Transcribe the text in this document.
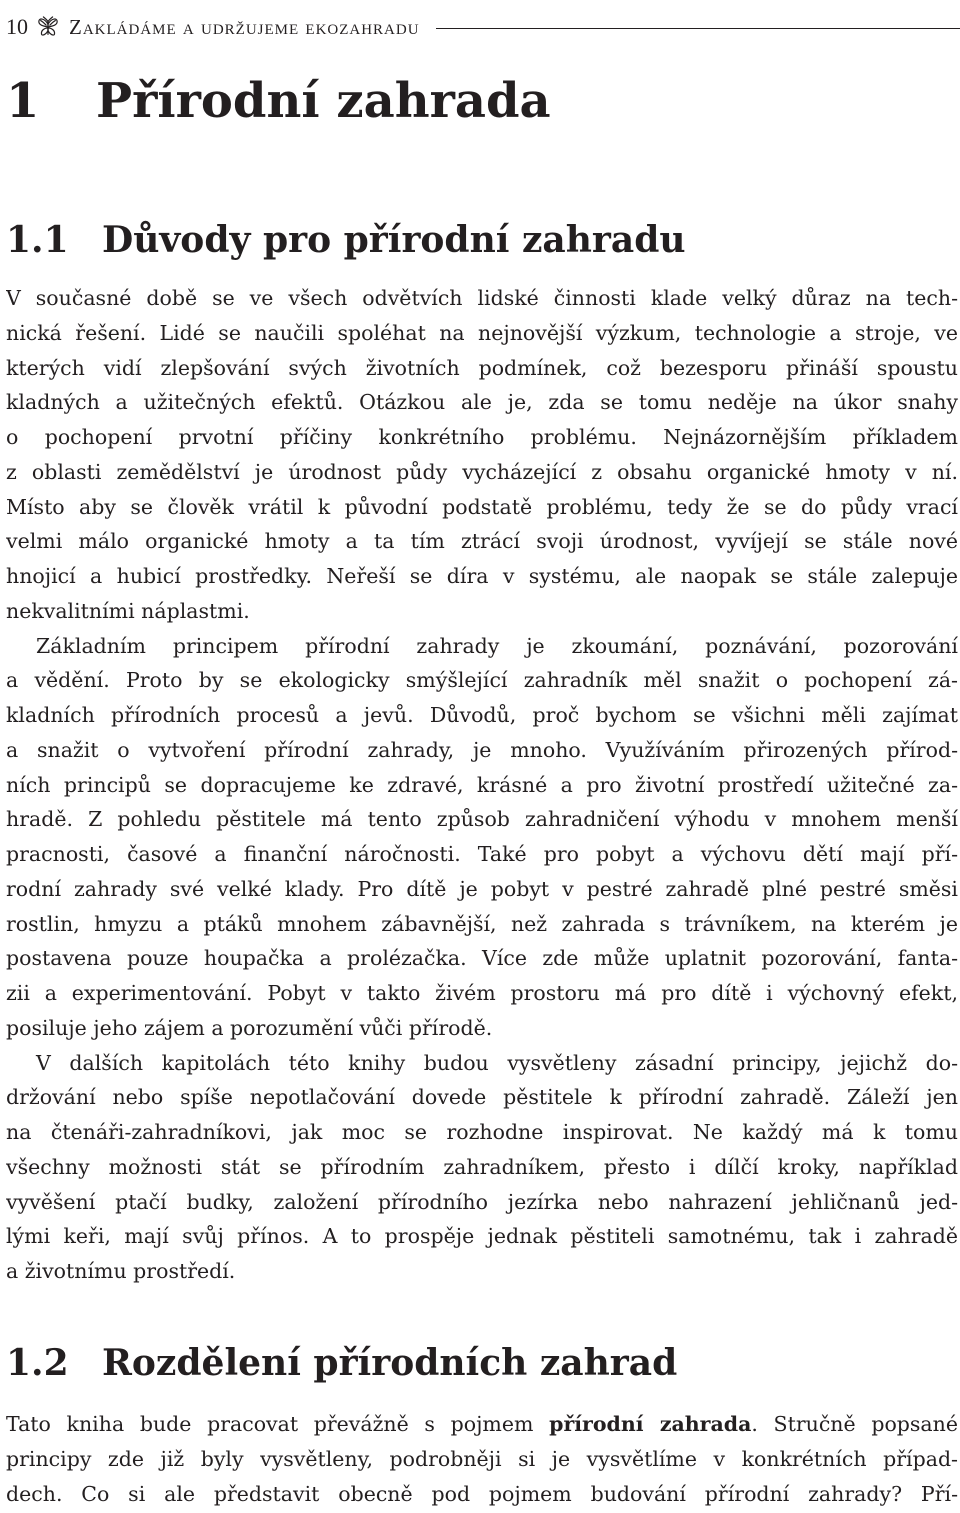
10 Zakládáme a udržujeme ekozahradu
1	Přírodní zahrada
1.1 Důvody pro přírodní zahradu
V současné době se ve všech odvětvích lidské činnosti klade velký důraz na tech-
nická řešení. Lidé se naučili spoléhat na nejnovější výzkum, technologie a stroje, ve
kterých vidí zlepšování svých životních podmínek, což bezesporu přináší spoustu
kladných a užitečných efektů. Otázkou ale je, zda se tomu neděje na úkor snahy
o pochopení prvotní příčiny konkrétního problému. Nejnázornějším příkladem
z oblasti zemědělství je úrodnost půdy vycházející z obsahu organické hmoty v ní.
Místo aby se člověk vrátil k původní podstatě problému, tedy že se do půdy vrací
velmi málo organické hmoty a ta tím ztrácí svoji úrodnost, vyvíjejí se stále nové
hnojicí a hubicí prostředky. Neřeší se díra v systému, ale naopak se stále zalepuje
nekvalitními náplastmi.
Základním principem přírodní zahrady je zkoumání, poznávání, pozorování
a vědění. Proto by se ekologicky smýšlející zahradník měl snažit o pochopení zá-
kladních přírodních procesů a jevů. Důvodů, proč bychom se všichni měli zajímat
a snažit o vytvoření přírodní zahrady, je mnoho. Využíváním přirozených přírod-
ních principů se dopracujeme ke zdravé, krásné a pro životní prostředí užitečné za-
hradě. Z pohledu pěstitele má tento způsob zahradničení výhodu v mnohem menší
pracnosti, časové a finanční náročnosti. Také pro pobyt a výchovu dětí mají pří-
rodní zahrady své velké klady. Pro dítě je pobyt v pestré zahradě plné pestré směsi
rostlin, hmyzu a ptáků mnohem zábavnější, než zahrada s trávníkem, na kterém je
postavena pouze houpačka a prolézačka. Více zde může uplatnit pozorování, fanta-
zii a experimentování. Pobyt v takto živém prostoru má pro dítě i výchovný efekt,
posiluje jeho zájem a porozumění vůči přírodě.
V dalších kapitolách této knihy budou vysvětleny zásadní principy, jejichž do-
držování nebo spíše nepotlačování dovede pěstitele k přírodní zahradě. Záleží jen
na čtenáři-zahradníkovi, jak moc se rozhodne inspirovat. Ne každý má k tomu
všechny možnosti stát se přírodním zahradníkem, přesto i dílčí kroky, například
vyvěšení ptačí budky, založení přírodního jezírka nebo nahrazení jehličnanů jed-
lými keři, mají svůj přínos. A to prospěje jednak pěstiteli samotnému, tak i zahradě
a životnímu prostředí.
1.2 Rozdělení přírodních zahrad
Tato kniha bude pracovat převážně s pojmem přírodní zahrada. Stručně popsané
principy zde již byly vysvětleny, podrobněji si je vysvětlíme v konkrétních případ-
dech. Co si ale představit obecně pod pojmem budování přírodní zahrady? Pří-
